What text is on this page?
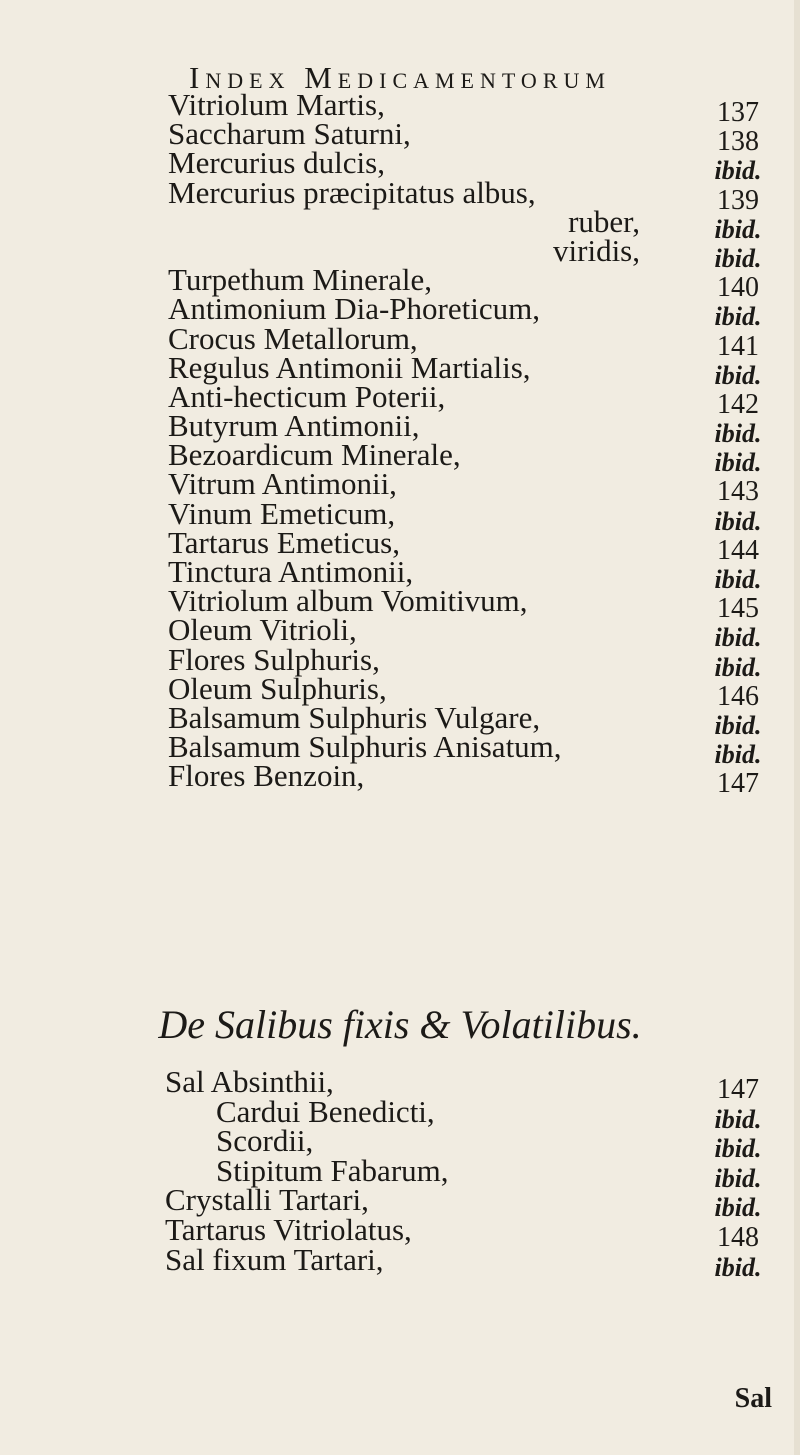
Index Medicamentorum
Vitriolum Martis,	137
Saccharum Saturni,	138
Mercurius dulcis,	ibid.
Mercurius præcipitatus albus,	139
ruber,	ibid.
viridis,	ibid.
Turpethum Minerale,	140
Antimonium Dia-Phoreticum,	ibid.
Crocus Metallorum,	141
Regulus Antimonii Martialis,	ibid.
Anti-hecticum Poterii,	142
Butyrum Antimonii,	ibid.
Bezoardicum Minerale,	ibid.
Vitrum Antimonii,	143
Vinum Emeticum,	ibid.
Tartarus Emeticus,	144
Tinctura Antimonii,	ibid.
Vitriolum album Vomitivum,	145
Oleum Vitrioli,	ibid.
Flores Sulphuris,	ibid.
Oleum Sulphuris,	146
Balsamum Sulphuris Vulgare,	ibid.
Balsamum Sulphuris Anisatum,	ibid.
Flores Benzoin,	147
De Salibus fixis & Volatilibus.
Sal Absinthii,	147
Cardui Benedicti,	ibid.
Scordii,	ibid.
Stipitum Fabarum,	ibid.
Crystalli Tartari,	ibid.
Tartarus Vitriolatus,	148
Sal fixum Tartari,	ibid.
Sal
